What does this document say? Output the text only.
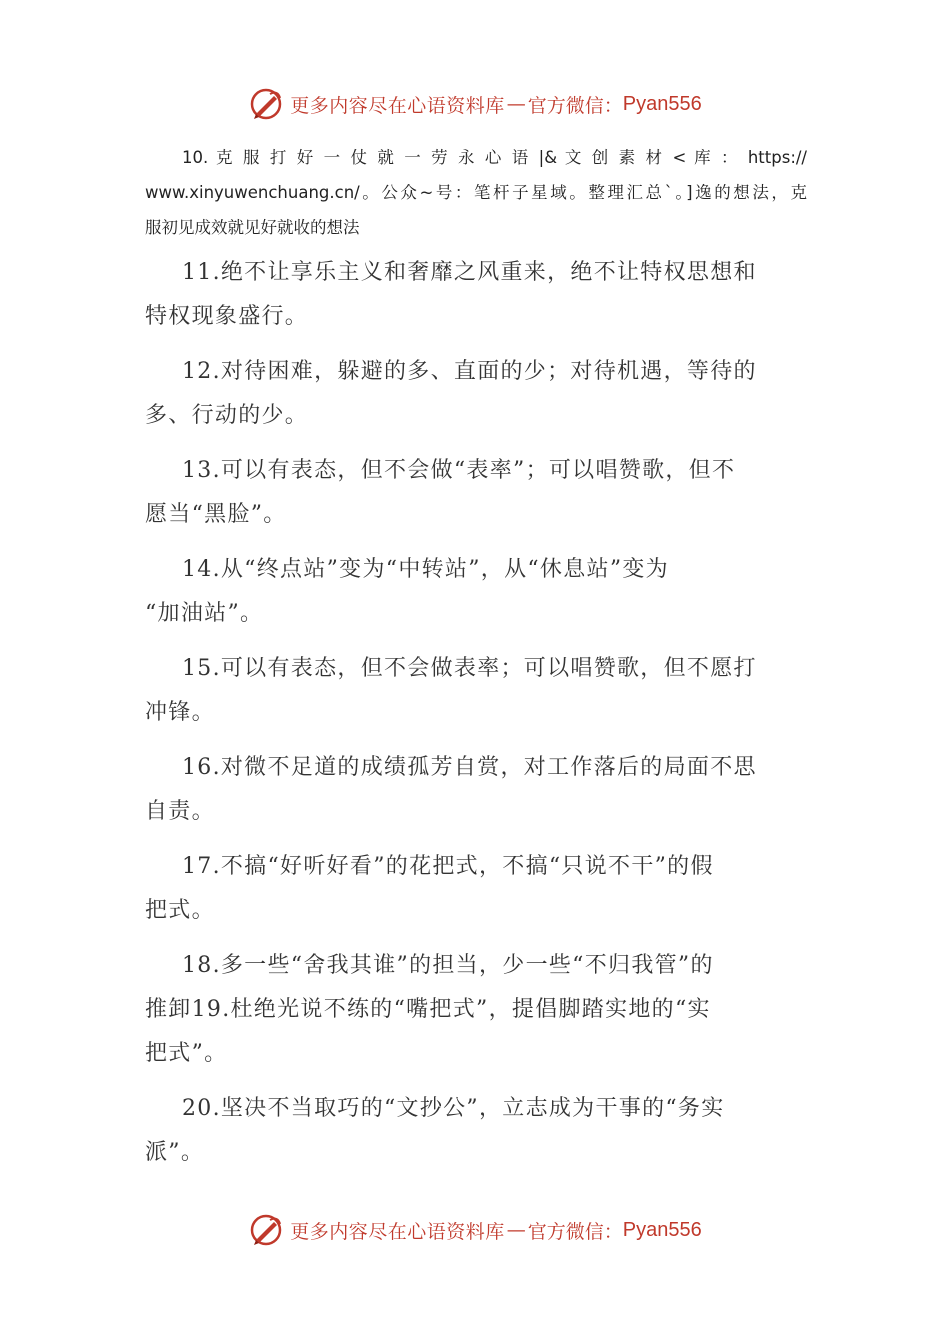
更多内容尽在心语资料库 — 官方微信： Pyan556

10. 克 服 打 好 一 仗 就 一 劳 永 心 语 |& 文 创 素 材 < 库 ： https://
www.xinyuwenchuang.cn/。公众~号：笔杆子星域。整理汇总`。]逸的想法，克
服初见成效就见好就收的想法

11.绝不让享乐主义和奢靡之风重来，绝不让特权思想和
特权现象盛行。

12.对待困难，躲避的多、直面的少；对待机遇，等待的
多、行动的少。

13.可以有表态，但不会做“表率”；可以唱赞歌，但不
愿当“黑脸”。

14.从“终点站”变为“中转站”，从“休息站”变为
“加油站”。

15.可以有表态，但不会做表率；可以唱赞歌，但不愿打
冲锋。

16.对微不足道的成绩孤芳自赏，对工作落后的局面不思
自责。

17.不搞“好听好看”的花把式，不搞“只说不干”的假
把式。

18.多一些“舍我其谁”的担当，少一些“不归我管”的
推卸19.杜绝光说不练的“嘴把式”，提倡脚踏实地的“实
把式”。

20.坚决不当取巧的“文抄公”，立志成为干事的“务实
派”。

更多内容尽在心语资料库 — 官方微信： Pyan556
